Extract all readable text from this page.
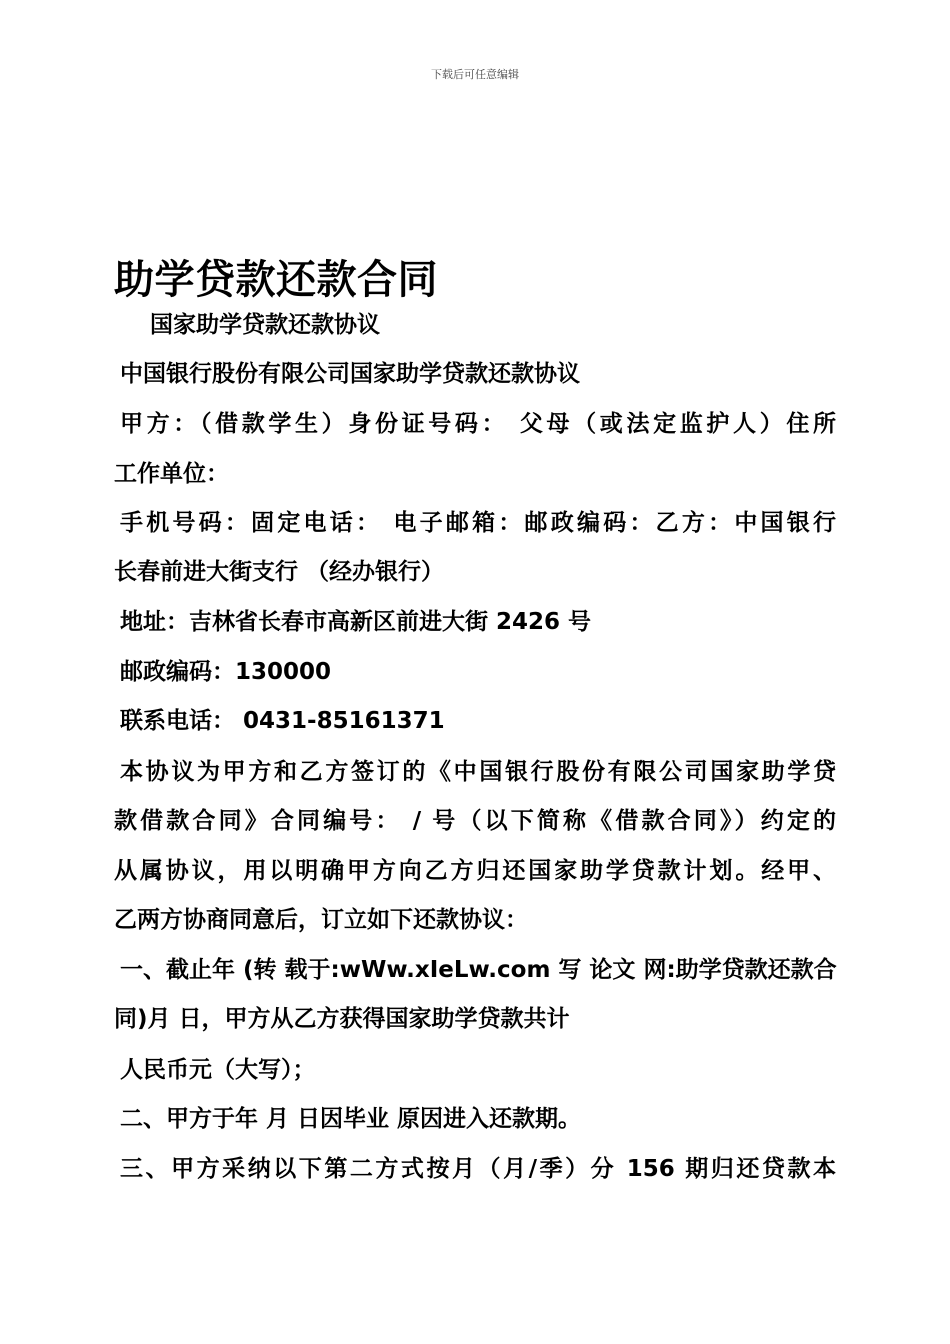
下载后可任意编辑
助学贷款还款合同
国家助学贷款还款协议
中国银行股份有限公司国家助学贷款还款协议
甲方：（借款学生）身份证号码： 父母（或法定监护人）住所
工作单位：
手机号码：固定电话： 电子邮箱：邮政编码：乙方：中国银行
长春前进大街支行 （经办银行）
地址：吉林省长春市高新区前进大街 2426 号
邮政编码：130000
联系电话： 0431-85161371
本协议为甲方和乙方签订的《中国银行股份有限公司国家助学贷
款借款合同》合同编号： / 号（以下简称《借款合同》）约定的
从属协议，用以明确甲方向乙方归还国家助学贷款计划。经甲、
乙两方协商同意后，订立如下还款协议：
一、截止年 (转 载于:wWw.xIeLw.com 写 论文 网:助学贷款还款合
同)月 日，甲方从乙方获得国家助学贷款共计
人民币元（大写）；
二、甲方于年 月 日因毕业 原因进入还款期。
三、甲方采纳以下第二方式按月（月/季）分 156 期归还贷款本
